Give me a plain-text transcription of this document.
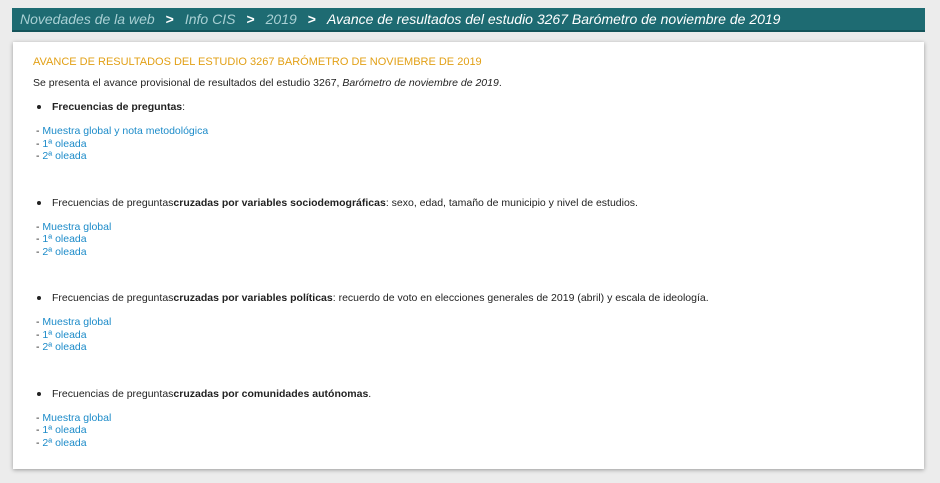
Novedades de la web > Info CIS > 2019 > Avance de resultados del estudio 3267 Barómetro de noviembre de 2019
AVANCE DE RESULTADOS DEL ESTUDIO 3267 BARÓMETRO DE NOVIEMBRE DE 2019
Se presenta el avance provisional de resultados del estudio 3267, Barómetro de noviembre de 2019.
Frecuencias de preguntas :
- Muestra global y nota metodológica
- 1ª oleada
- 2ª oleada
Frecuencias de preguntas cruzadas por variables sociodemográficas : sexo, edad, tamaño de municipio y nivel de estudios.
- Muestra global
- 1ª oleada
- 2ª oleada
Frecuencias de preguntas cruzadas por variables políticas : recuerdo de voto en elecciones generales de 2019 (abril) y escala de ideología.
- Muestra global
- 1ª oleada
- 2ª oleada
Frecuencias de preguntas cruzadas por comunidades autónomas .
- Muestra global
- 1ª oleada
- 2ª oleada
